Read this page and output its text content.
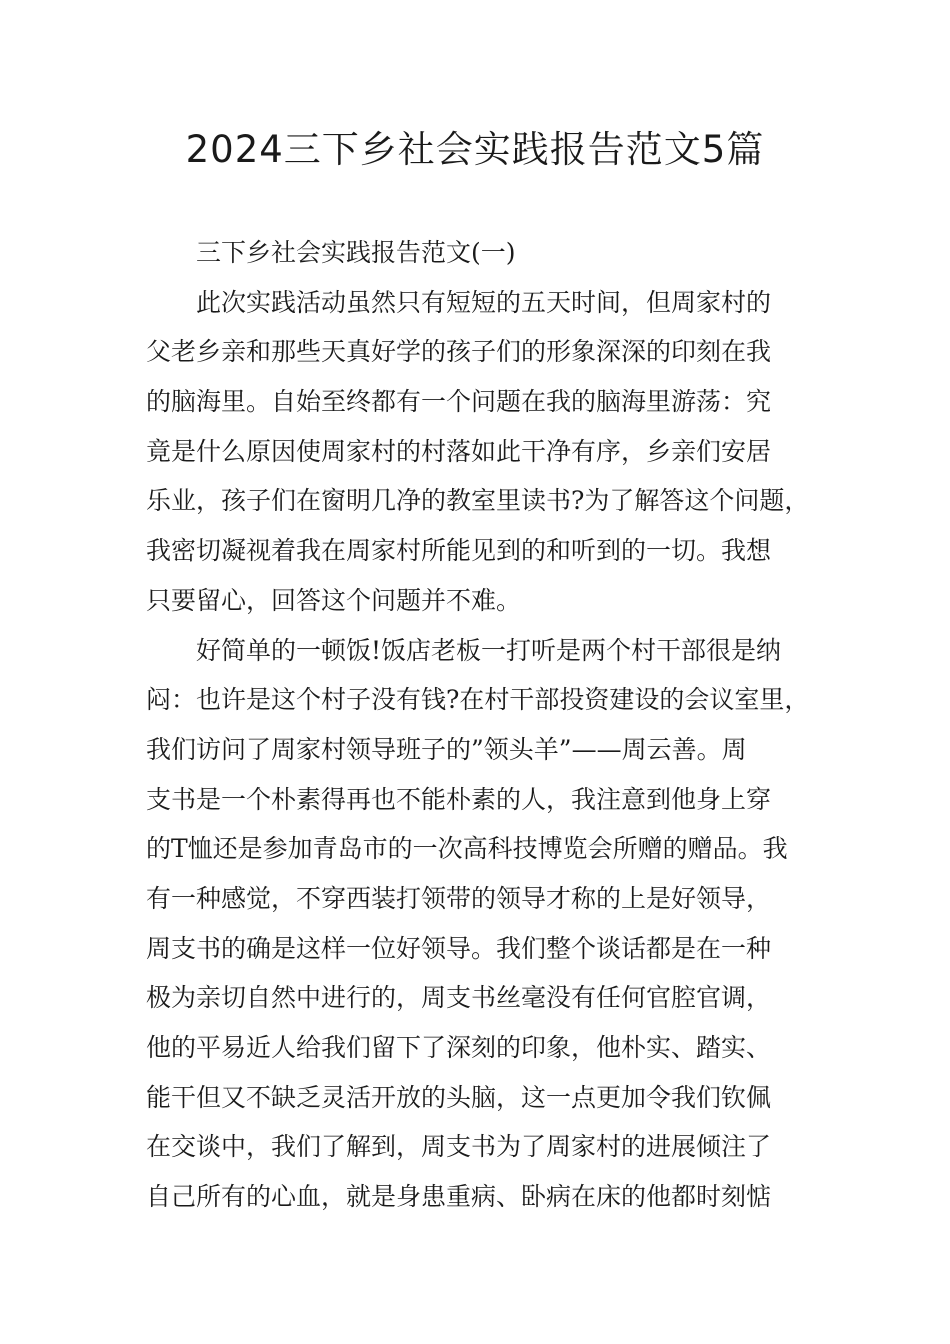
2024三下乡社会实践报告范文5篇

三下乡社会实践报告范文(一)

此次实践活动虽然只有短短的五天时间，但周家村的
父老乡亲和那些天真好学的孩子们的形象深深的印刻在我
的脑海里。自始至终都有一个问题在我的脑海里游荡：究
竟是什么原因使周家村的村落如此干净有序，乡亲们安居
乐业，孩子们在窗明几净的教室里读书?为了解答这个问题，
我密切凝视着我在周家村所能见到的和听到的一切。我想
只要留心，回答这个问题并不难。

好简单的一顿饭!饭店老板一打听是两个村干部很是纳
闷：也许是这个村子没有钱?在村干部投资建设的会议室里，
我们访问了周家村领导班子的”领头羊”——周云善。周
支书是一个朴素得再也不能朴素的人，我注意到他身上穿
的T恤还是参加青岛市的一次高科技博览会所赠的赠品。我
有一种感觉，不穿西装打领带的领导才称的上是好领导，
周支书的确是这样一位好领导。我们整个谈话都是在一种
极为亲切自然中进行的，周支书丝毫没有任何官腔官调，
他的平易近人给我们留下了深刻的印象，他朴实、踏实、
能干但又不缺乏灵活开放的头脑，这一点更加令我们钦佩
在交谈中，我们了解到，周支书为了周家村的进展倾注了
自己所有的心血，就是身患重病、卧病在床的他都时刻惦
